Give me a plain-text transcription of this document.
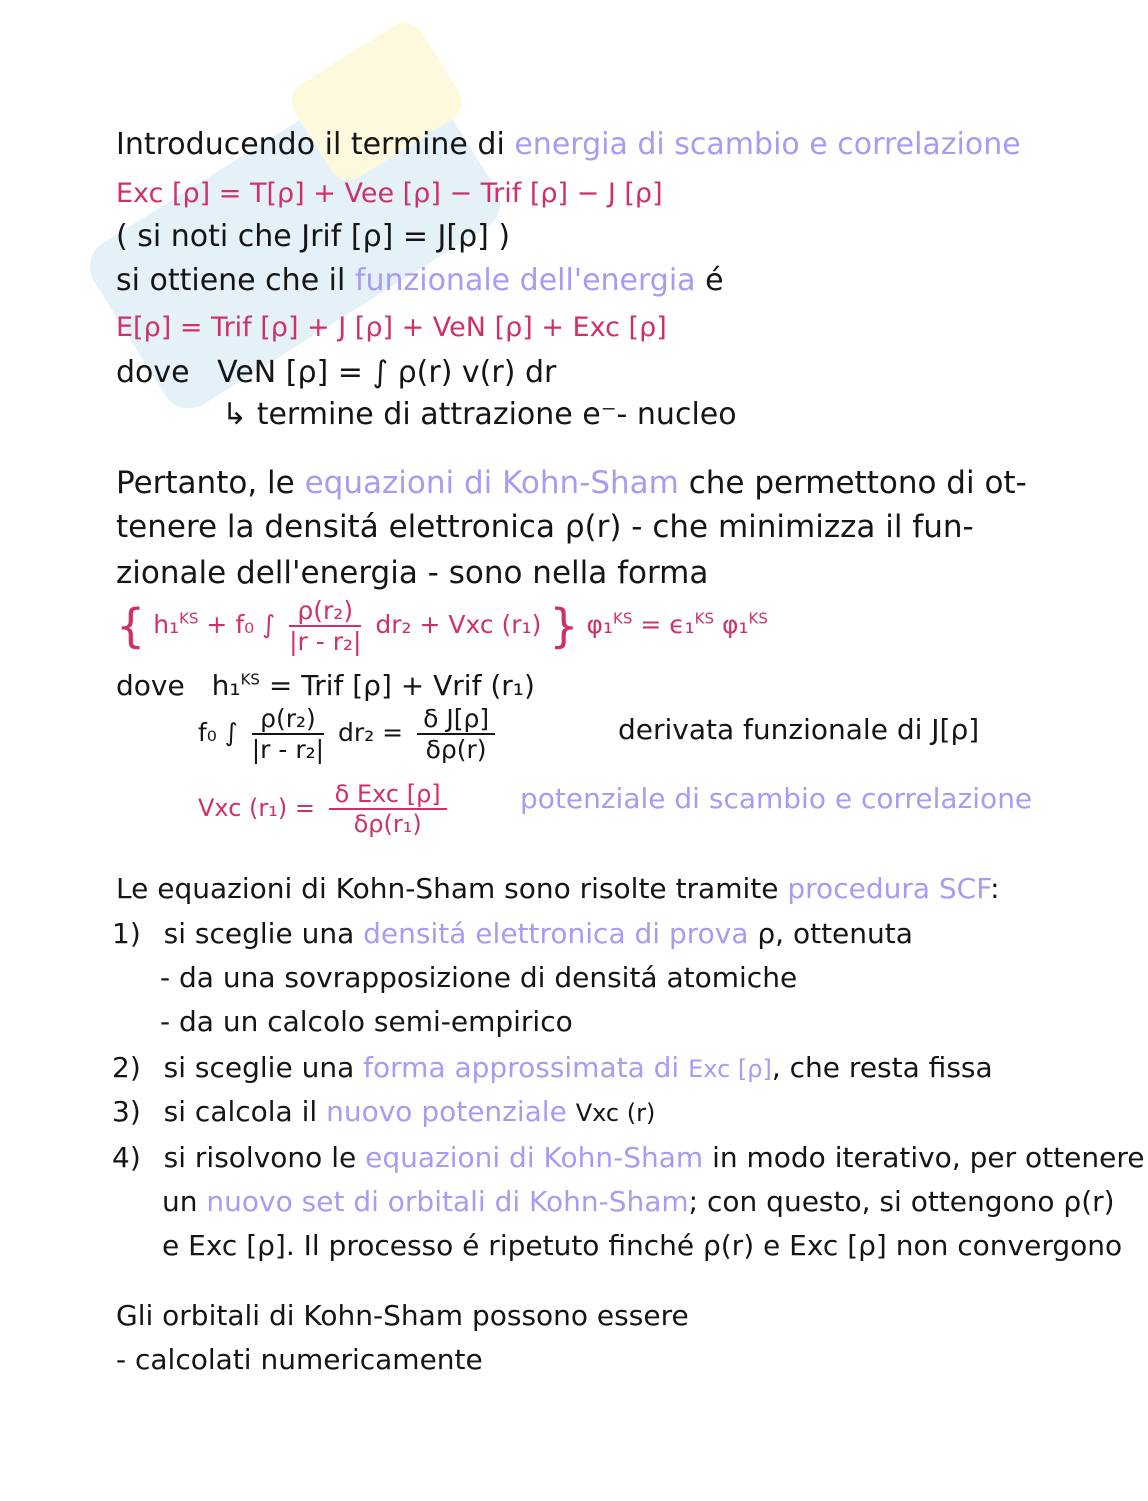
Introducendo il termine di energia di scambio e correlazione
Exc [ρ] = T[ρ] + Vee [ρ] − Trif [ρ] − J [ρ]
( si noti che Jrif [ρ] = J[ρ] )
si ottiene che il funzionale dell'energia é
E[ρ] = Trif [ρ] + J [ρ] + VeN [ρ] + Exc [ρ]
dove VeN [ρ] = ∫ ρ(r) v(r) dr
↳ termine di attrazione e⁻- nucleo
Pertanto, le equazioni di Kohn-Sham che permettono di ot-
tenere la densitá elettronica ρ(r) - che minimizza il fun-
zionale dell'energia - sono nella forma
{ h₁$^{KS}$ + f₀ ∫ $\frac{\text{ρ(r₂)}}{\text{|r - r₂|}} dr_2$ + Vxc (r₁) } φ₁$^{KS}$ = ϵ₁$^{KS}$ φ₁$^{KS}$
dove h₁$^{KS}$ = Trif [ρ] + Vrif (r₁)
f₀ ∫ $\frac{\text{ρ(r₂)}}{\text{|r - r₂|}} dr_2 = \frac{\text{δ J[ρ]}}{\delta\rho(r)}$	derivata funzionale di J[ρ]
Vxc $(r_1) = \frac{\text{δ Exc [ρ]}}{\text{δρ(r₁)}}$	potenziale di scambio e correlazione
Le equazioni di Kohn-Sham sono risolte tramite procedura SCF:
1) si sceglie una densitá elettronica di prova ρ, ottenuta
- da una sovrapposizione di densitá atomiche
- da un calcolo semi-empirico
2) si sceglie una forma approssimata di Exc [ρ], che resta fissa
3) si calcola il nuovo potenziale Vxc (r)
4) si risolvono le equazioni di Kohn-Sham in modo iterativo, per ottenere
un nuovo set di orbitali di Kohn-Sham; con questo, si ottengono ρ(r)
e Exc [ρ]. Il processo é ripetuto finché ρ(r) e Exc [ρ] non convergono
Gli orbitali di Kohn-Sham possono essere
- calcolati numericamente
